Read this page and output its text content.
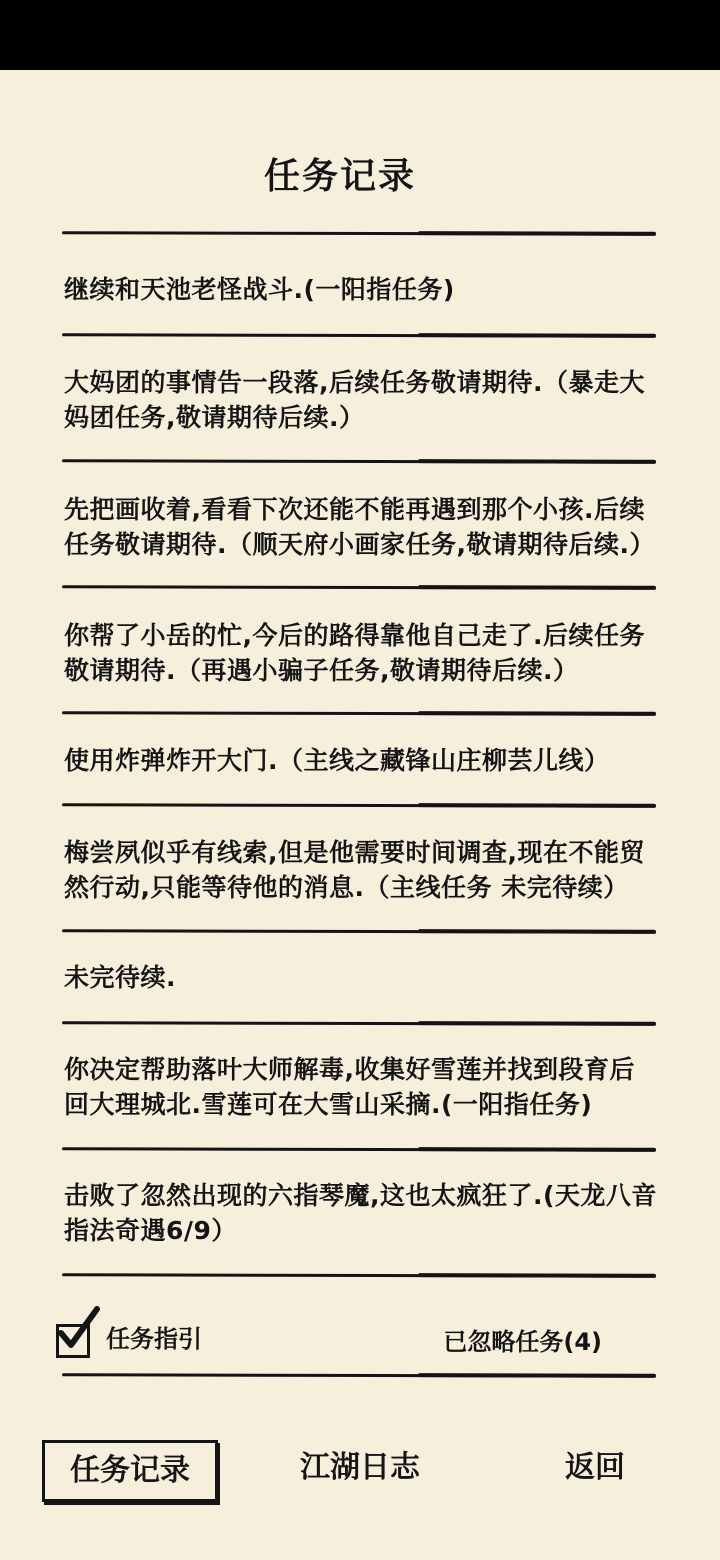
任务记录
继续和天池老怪战斗.(一阳指任务)
大妈团的事情告一段落,后续任务敬请期待.（暴走大妈团任务,敬请期待后续.）
先把画收着,看看下次还能不能再遇到那个小孩.后续任务敬请期待.（顺天府小画家任务,敬请期待后续.）
你帮了小岳的忙,今后的路得靠他自己走了.后续任务敬请期待.（再遇小骗子任务,敬请期待后续.）
使用炸弹炸开大门.（主线之藏锋山庄柳芸儿线）
梅尝夙似乎有线索,但是他需要时间调查,现在不能贸然行动,只能等待他的消息.（主线任务 未完待续）
未完待续.
你决定帮助落叶大师解毒,收集好雪莲并找到段育后回大理城北.雪莲可在大雪山采摘.(一阳指任务)
击败了忽然出现的六指琴魔,这也太疯狂了.(天龙八音指法奇遇6/9）
任务指引	已忽略任务(4)
任务记录	江湖日志	返回
